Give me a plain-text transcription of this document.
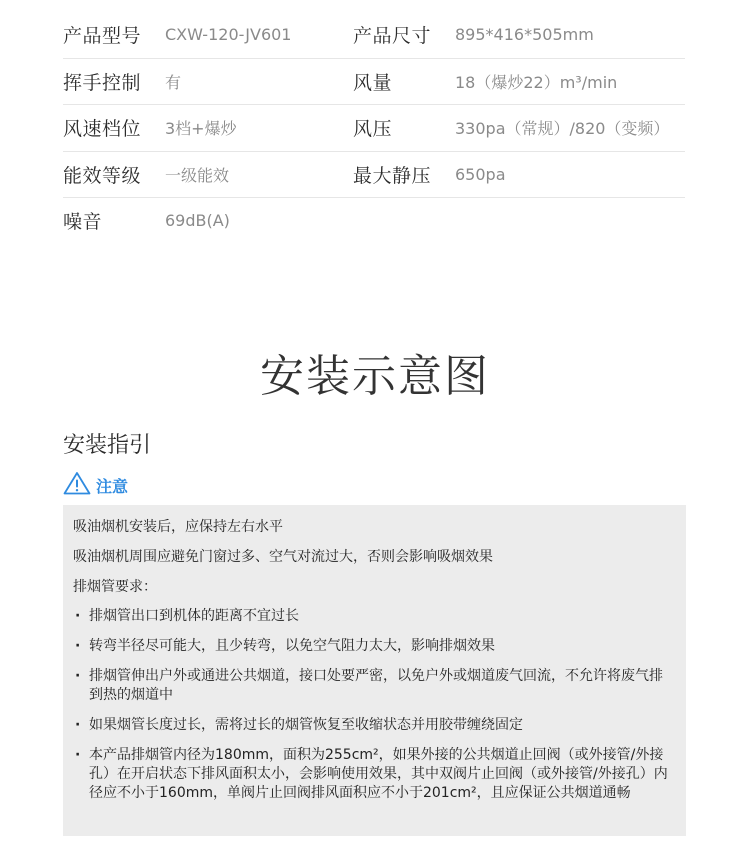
产品型号	CXW-120-JV601	产品尺寸	895*416*505mm
挥手控制	有	风量	18（爆炒22）m³/min
风速档位	3档+爆炒	风压	330pa（常规）/820（变频）
能效等级	一级能效	最大静压	650pa
噪音	69dB(A)
安装示意图
安装指引
注意
吸油烟机安装后，应保持左右水平
吸油烟机周围应避免门窗过多、空气对流过大，否则会影响吸烟效果
排烟管要求：
· 排烟管出口到机体的距离不宜过长
· 转弯半径尽可能大，且少转弯，以免空气阻力太大，影响排烟效果
· 排烟管伸出户外或通进公共烟道，接口处要严密，以免户外或烟道废气回流，不允许将废气排到热的烟道中
· 如果烟管长度过长，需将过长的烟管恢复至收缩状态并用胶带缠绕固定
· 本产品排烟管内径为180mm，面积为255cm²，如果外接的公共烟道止回阀（或外接管/外接孔）在开启状态下排风面积太小，会影响使用效果，其中双阀片止回阀（或外接管/外接孔）内径应不小于160mm，单阀片止回阀排风面积应不小于201cm²，且应保证公共烟道通畅
